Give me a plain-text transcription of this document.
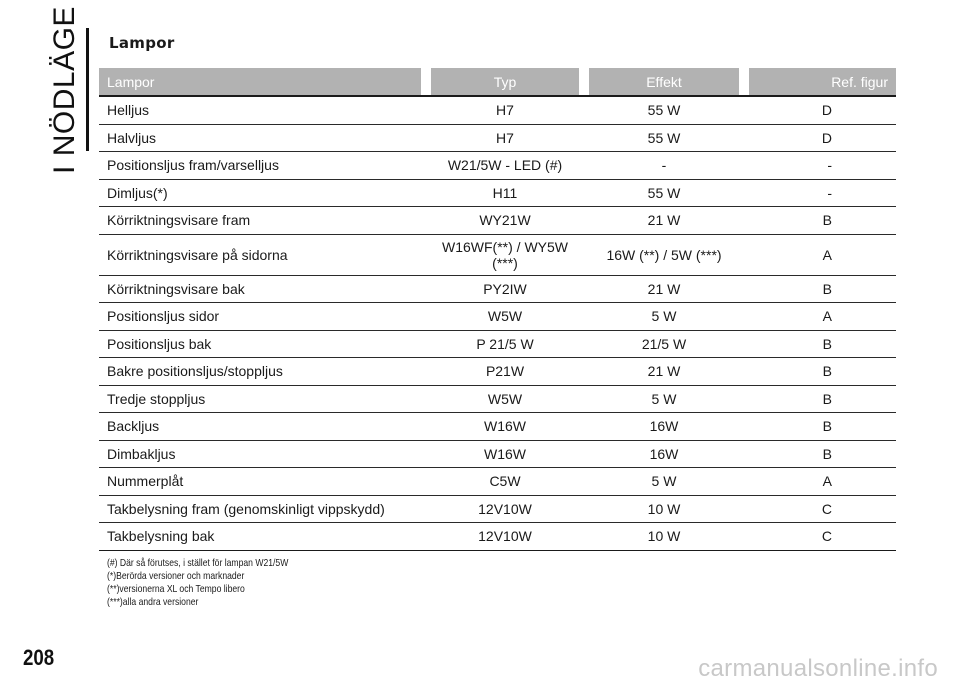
I NÖDLÄGE Lampor
Lampor	Typ	Effekt	Ref. figur
Helljus	H7	55 W	D
Halvljus	H7	55 W	D
Positionsljus fram/varselljus	W21/5W - LED (#)	-	-
Dimljus(*)	H11	55 W	-
Körriktningsvisare fram	WY21W	21 W	B
Körriktningsvisare på sidorna	W16WF(**) / WY5W (***)	16W (**) / 5W (***)	A
Körriktningsvisare bak	PY2IW	21 W	B
Positionsljus sidor	W5W	5 W	A
Positionsljus bak	P 21/5 W	21/5 W	B
Bakre positionsljus/stoppljus	P21W	21 W	B
Tredje stoppljus	W5W	5 W	B
Backljus	W16W	16W	B
Dimbakljus	W16W	16W	B
Nummerplåt	C5W	5 W	A
Takbelysning fram (genomskinligt vippskydd)	12V10W	10 W	C
Takbelysning bak	12V10W	10 W	C
(#) Där så förutses, i stället för lampan W21/5W
(*)Berörda versioner och marknader
(**)versionerna XL och Tempo libero
(***)alla andra versioner
208	carmanualsonline.info
